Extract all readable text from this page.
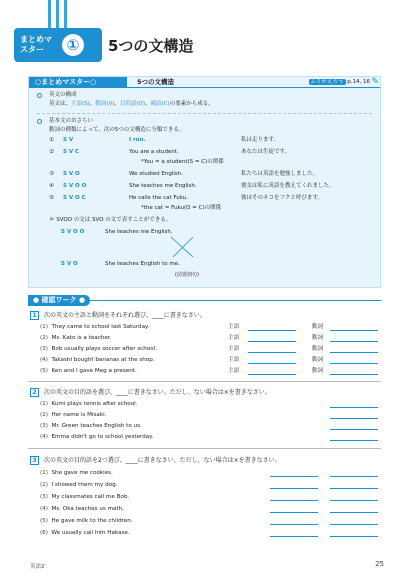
まとめマスター	①	5つの文構造
○まとめマスター○	5つの文構造	ふりかえろう p.14, 16 ✎
英文の構成
英文は、主語(S)、動詞(V)、目的語(O)、補語(C)の要素から成る。
基本文のおさらい
動詞の種類によって、次の5つの文構造に分類できる。
① S V	I run.	私は走ります。
② S V C	You are a student.	あなたは生徒です。
*You = a student(S = C)の関係
③ S V O	We studied English.	私たちは英語を勉強しました。
④ S V O O	She teaches me English.	彼女は私に英語を教えてくれました。
⑤ S V O C	He calls the cat Fuku.	彼はそのネコをフクと呼びます。
*the cat = Fuku(O = C)の関係
＊ SVOO の文は SVO の文で表すことができる。
S V O O	She teaches me English.
S V O	She teaches English to me.
(前置詞句)
● 確認ワーク ●
1	次の英文の主語と動詞をそれぞれ選び、____に書きなさい。
(1) They came to school last Saturday.	主語	動詞
(2) Ms. Kato is a teacher.	主語	動詞
(3) Bob usually plays soccer after school.	主語	動詞
(4) Takashi bought bananas at the shop.	主語	動詞
(5) Ken and I gave Meg a present.	主語	動詞
2	次の英文の目的語を選び、____に書きなさい。ただし、ない場合は×を書きなさい。
(1) Kumi plays tennis after school.
(2) Her name is Misaki.
(3) Mr. Green teaches English to us.
(4) Emma didn't go to school yesterday.
3	次の英文の目的語を2つ選び、____に書きなさい。ただし、ない場合は×を書きなさい。
(1) She gave me cookies.
(2) I showed them my dog.
(3) My classmates call me Bob.
(4) Ms. Oka teaches us math.
(5) He gave milk to the children.
(6) We usually call him Hakase.
英語2	25
